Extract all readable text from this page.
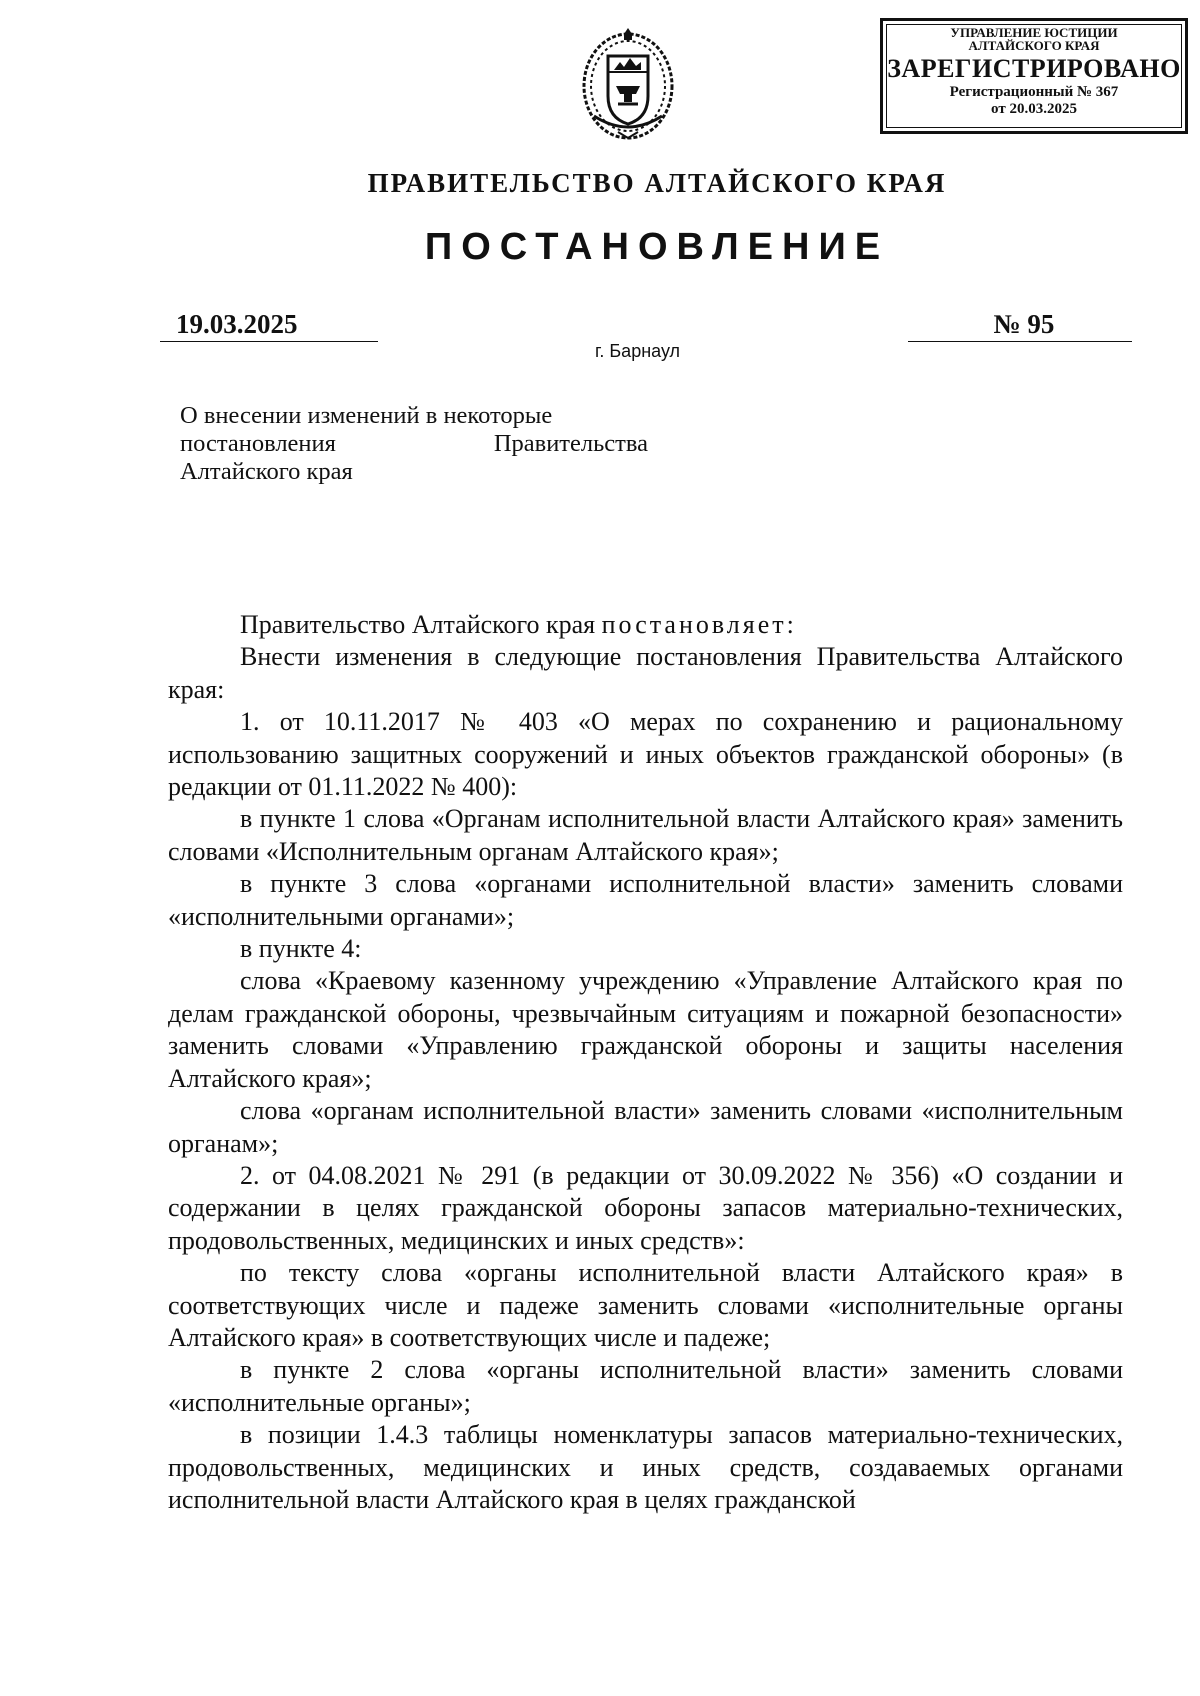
УПРАВЛЕНИЕ ЮСТИЦИИ
АЛТАЙСКОГО КРАЯ
ЗАРЕГИСТРИРОВАНО
Регистрационный № 367
от 20.03.2025
ПРАВИТЕЛЬСТВО АЛТАЙСКОГО КРАЯ
ПОСТАНОВЛЕНИЕ
19.03.2025	№ 95
г. Барнаул
О внесении изменений в некоторые
постановления	Правительства
Алтайского края

Правительство Алтайского края постановляет:

Внести изменения в следующие постановления Правительства Алтайского края:

1. от 10.11.2017 № 403 «О мерах по сохранению и рациональному использованию защитных сооружений и иных объектов гражданской обороны» (в редакции от 01.11.2022 № 400):

в пункте 1 слова «Органам исполнительной власти Алтайского края» заменить словами «Исполнительным органам Алтайского края»;

в пункте 3 слова «органами исполнительной власти» заменить словами «исполнительными органами»;

в пункте 4:

слова «Краевому казенному учреждению «Управление Алтайского края по делам гражданской обороны, чрезвычайным ситуациям и пожарной безопасности» заменить словами «Управлению гражданской обороны и защиты населения Алтайского края»;

слова «органам исполнительной власти» заменить словами «исполнительным органам»;

2. от 04.08.2021 № 291 (в редакции от 30.09.2022 № 356) «О создании и содержании в целях гражданской обороны запасов материально-технических, продовольственных, медицинских и иных средств»:

по тексту слова «органы исполнительной власти Алтайского края» в соответствующих числе и падеже заменить словами «исполнительные органы Алтайского края» в соответствующих числе и падеже;

в пункте 2 слова «органы исполнительной власти» заменить словами «исполнительные органы»;

в позиции 1.4.3 таблицы номенклатуры запасов материально-технических, продовольственных, медицинских и иных средств, создаваемых органами исполнительной власти Алтайского края в целях гражданской
